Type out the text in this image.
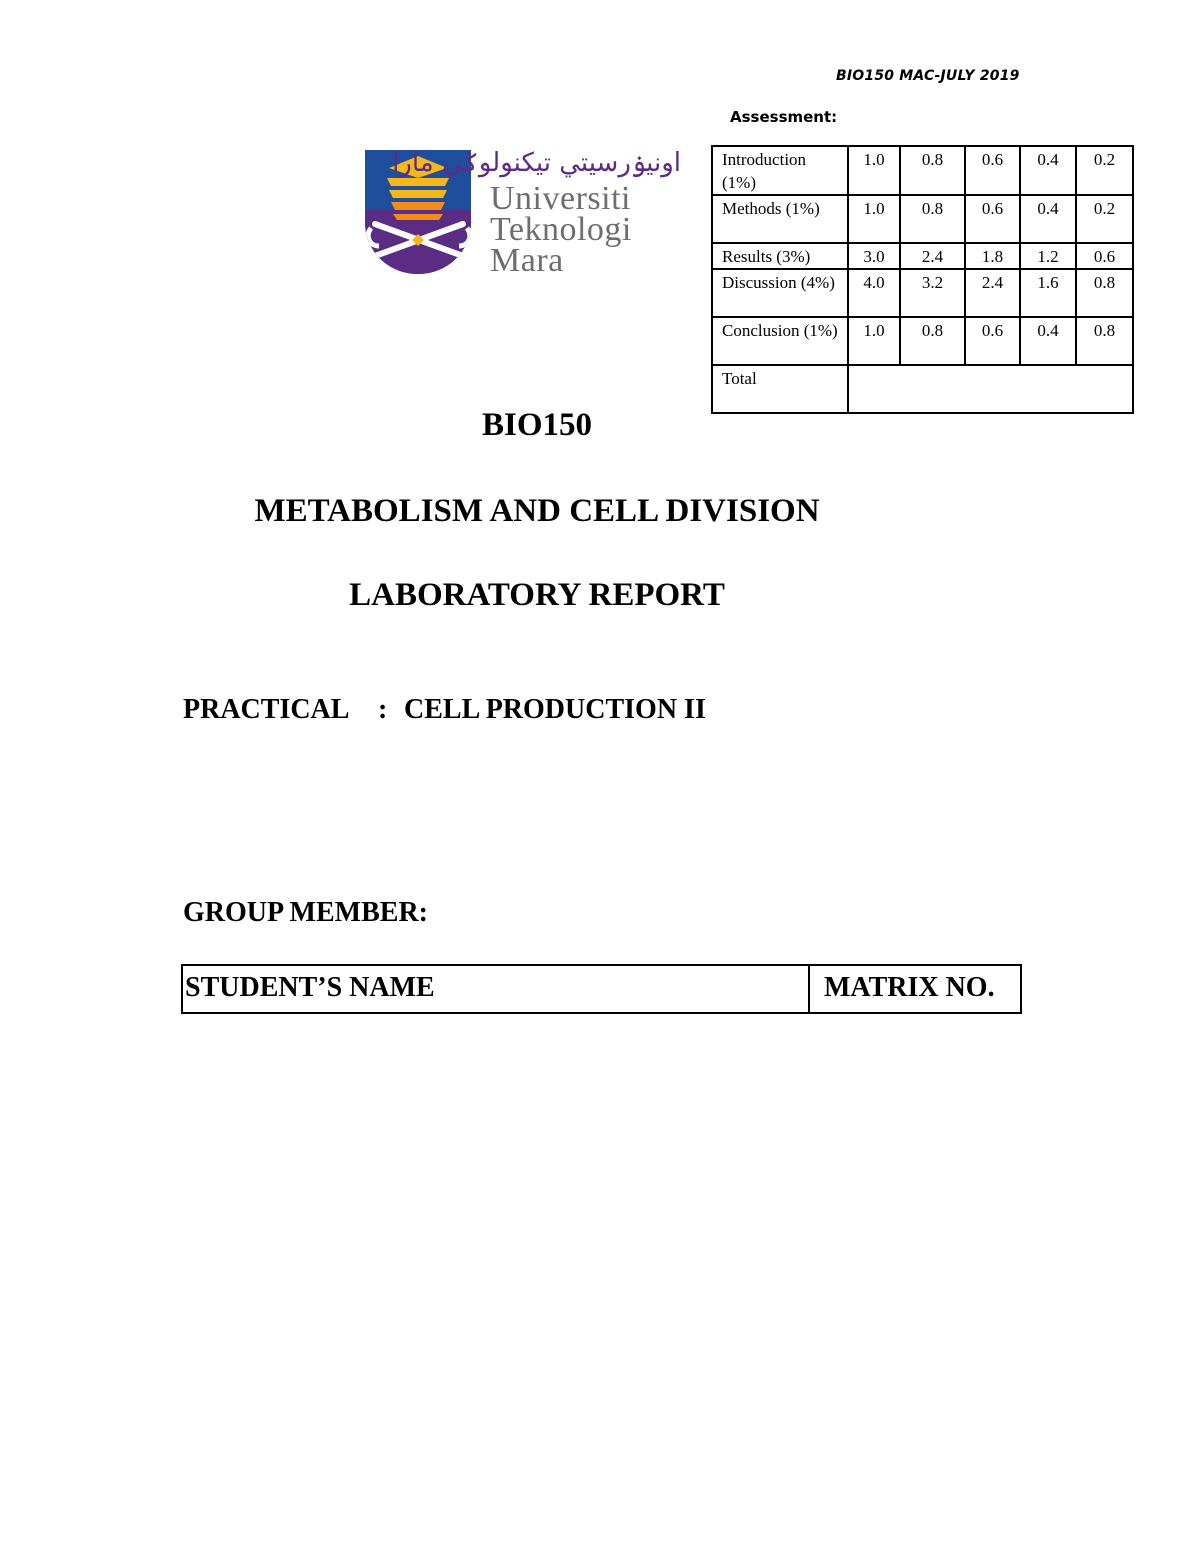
BIO150 MAC-JULY 2019
Assessment:
اونيۏرسيتي تيكنولوݢي مارا
Universiti
Teknologi
Mara
Introduction (1%)	1.0	0.8	0.6	0.4	0.2
Methods (1%)	1.0	0.8	0.6	0.4	0.2
Results (3%)	3.0	2.4	1.8	1.2	0.6
Discussion (4%)	4.0	3.2	2.4	1.6	0.8
Conclusion (1%)	1.0	0.8	0.6	0.4	0.8
Total					
BIO150
METABOLISM AND CELL DIVISION
LABORATORY REPORT
PRACTICAL : CELL PRODUCTION II
GROUP MEMBER:
STUDENT’S NAME	MATRIX NO.
